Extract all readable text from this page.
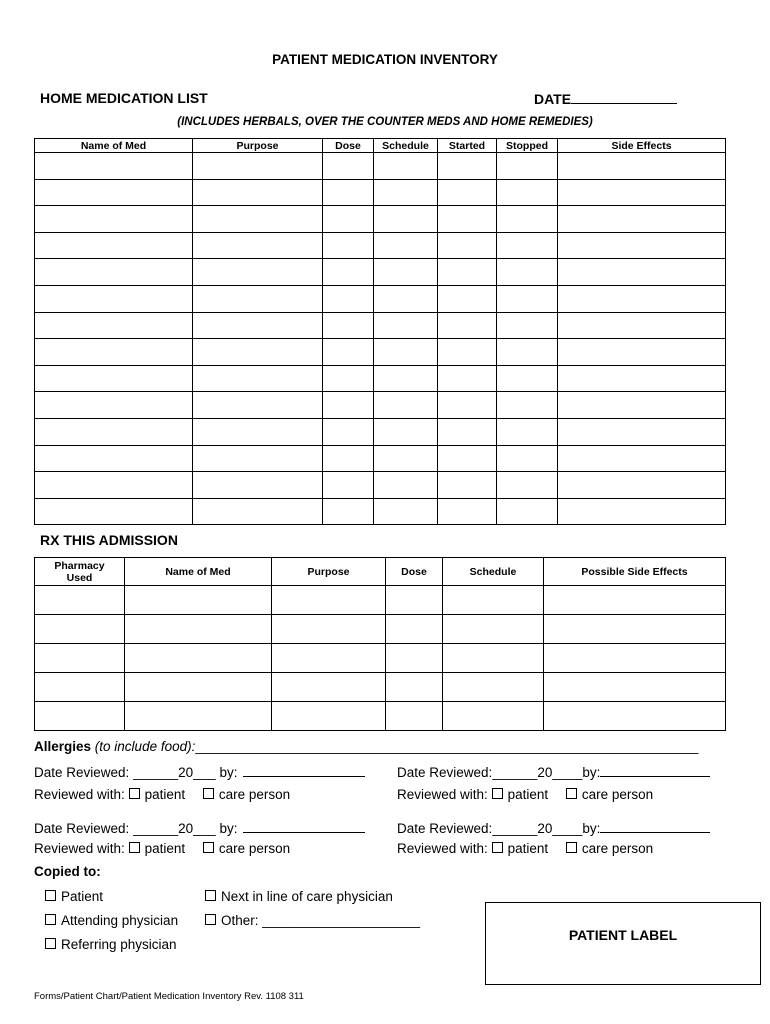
PATIENT MEDICATION INVENTORY
HOME MEDICATION LIST	DATE
(INCLUDES HERBALS, OVER THE COUNTER MEDS AND HOME REMEDIES)
Name of Med	Purpose	Dose	Schedule	Started	Stopped	Side Effects

RX THIS ADMISSION
Pharmacy
Used	Name of Med	Purpose	Dose	Schedule	Possible Side Effects

Allergies (to include food):___________________________________________________________________
Date Reviewed: ______20___ by:	Date Reviewed:______20____by:
Reviewed with: patient	care person	Reviewed with: patient	care person
Date Reviewed: ______20___ by:	Date Reviewed:______20____by:
Reviewed with: patient	care person	Reviewed with: patient	care person
Copied to:
Patient
Attending physician
Referring physician
Next in line of care physician
Other: _____________________
PATIENT LABEL
Forms/Patient Chart/Patient Medication Inventory Rev. 1108 311
